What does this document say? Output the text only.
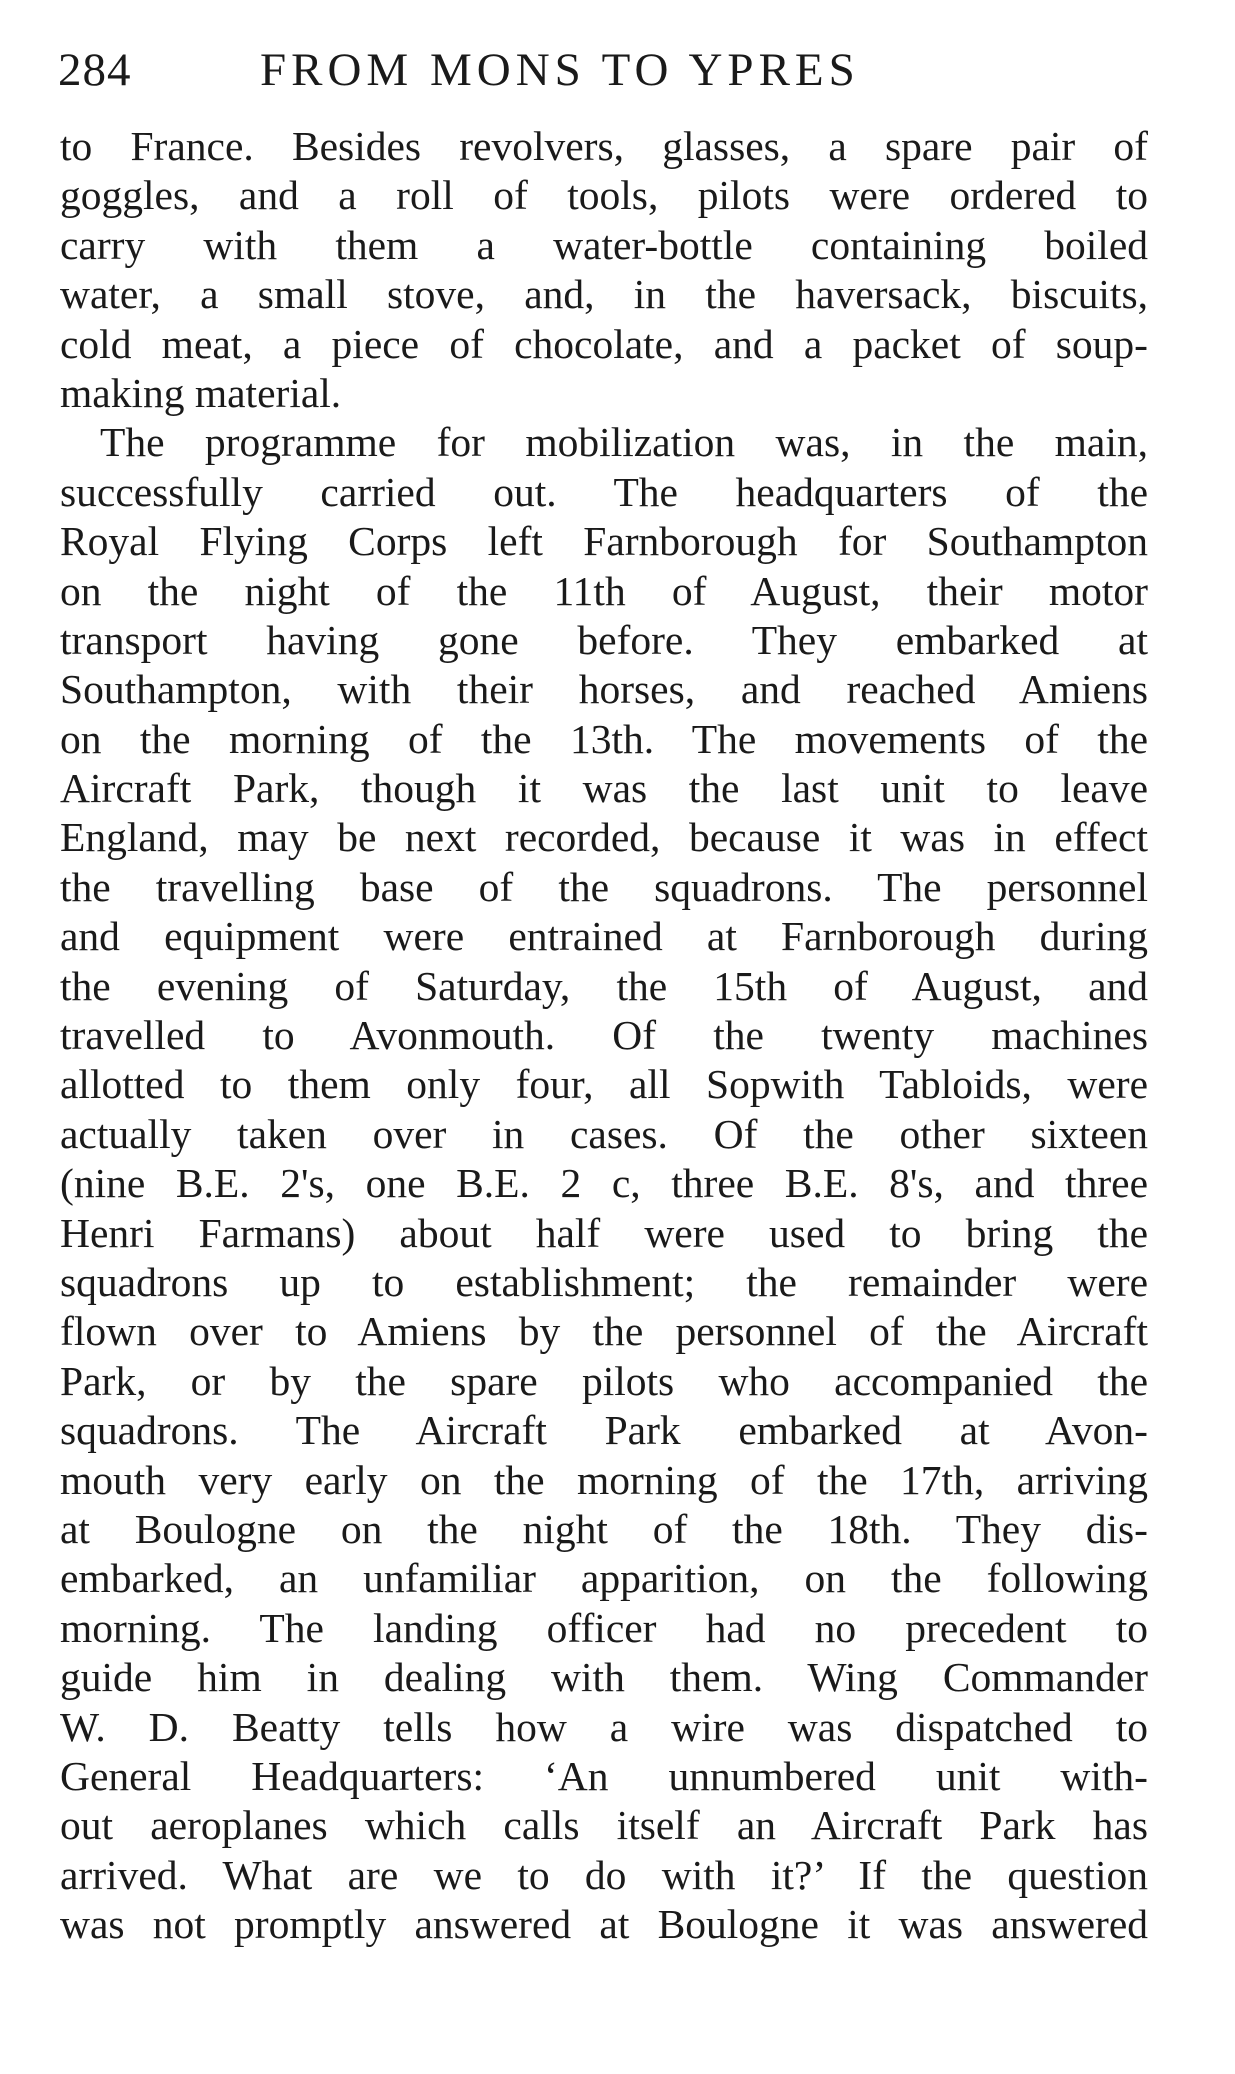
284	FROM MONS TO YPRES
to France. Besides revolvers, glasses, a spare pair of
goggles, and a roll of tools, pilots were ordered to
carry with them a water-bottle containing boiled
water, a small stove, and, in the haversack, biscuits,
cold meat, a piece of chocolate, and a packet of soup-
making material.
The programme for mobilization was, in the main,
successfully carried out. The headquarters of the
Royal Flying Corps left Farnborough for Southampton
on the night of the 11th of August, their motor
transport having gone before. They embarked at
Southampton, with their horses, and reached Amiens
on the morning of the 13th. The movements of the
Aircraft Park, though it was the last unit to leave
England, may be next recorded, because it was in effect
the travelling base of the squadrons. The personnel
and equipment were entrained at Farnborough during
the evening of Saturday, the 15th of August, and
travelled to Avonmouth. Of the twenty machines
allotted to them only four, all Sopwith Tabloids, were
actually taken over in cases. Of the other sixteen
(nine B.E. 2's, one B.E. 2 c, three B.E. 8's, and three
Henri Farmans) about half were used to bring the
squadrons up to establishment; the remainder were
flown over to Amiens by the personnel of the Aircraft
Park, or by the spare pilots who accompanied the
squadrons. The Aircraft Park embarked at Avon-
mouth very early on the morning of the 17th, arriving
at Boulogne on the night of the 18th. They dis-
embarked, an unfamiliar apparition, on the following
morning. The landing officer had no precedent to
guide him in dealing with them. Wing Commander
W. D. Beatty tells how a wire was dispatched to
General Headquarters: ‘An unnumbered unit with-
out aeroplanes which calls itself an Aircraft Park has
arrived. What are we to do with it?’ If the question
was not promptly answered at Boulogne it was answered
